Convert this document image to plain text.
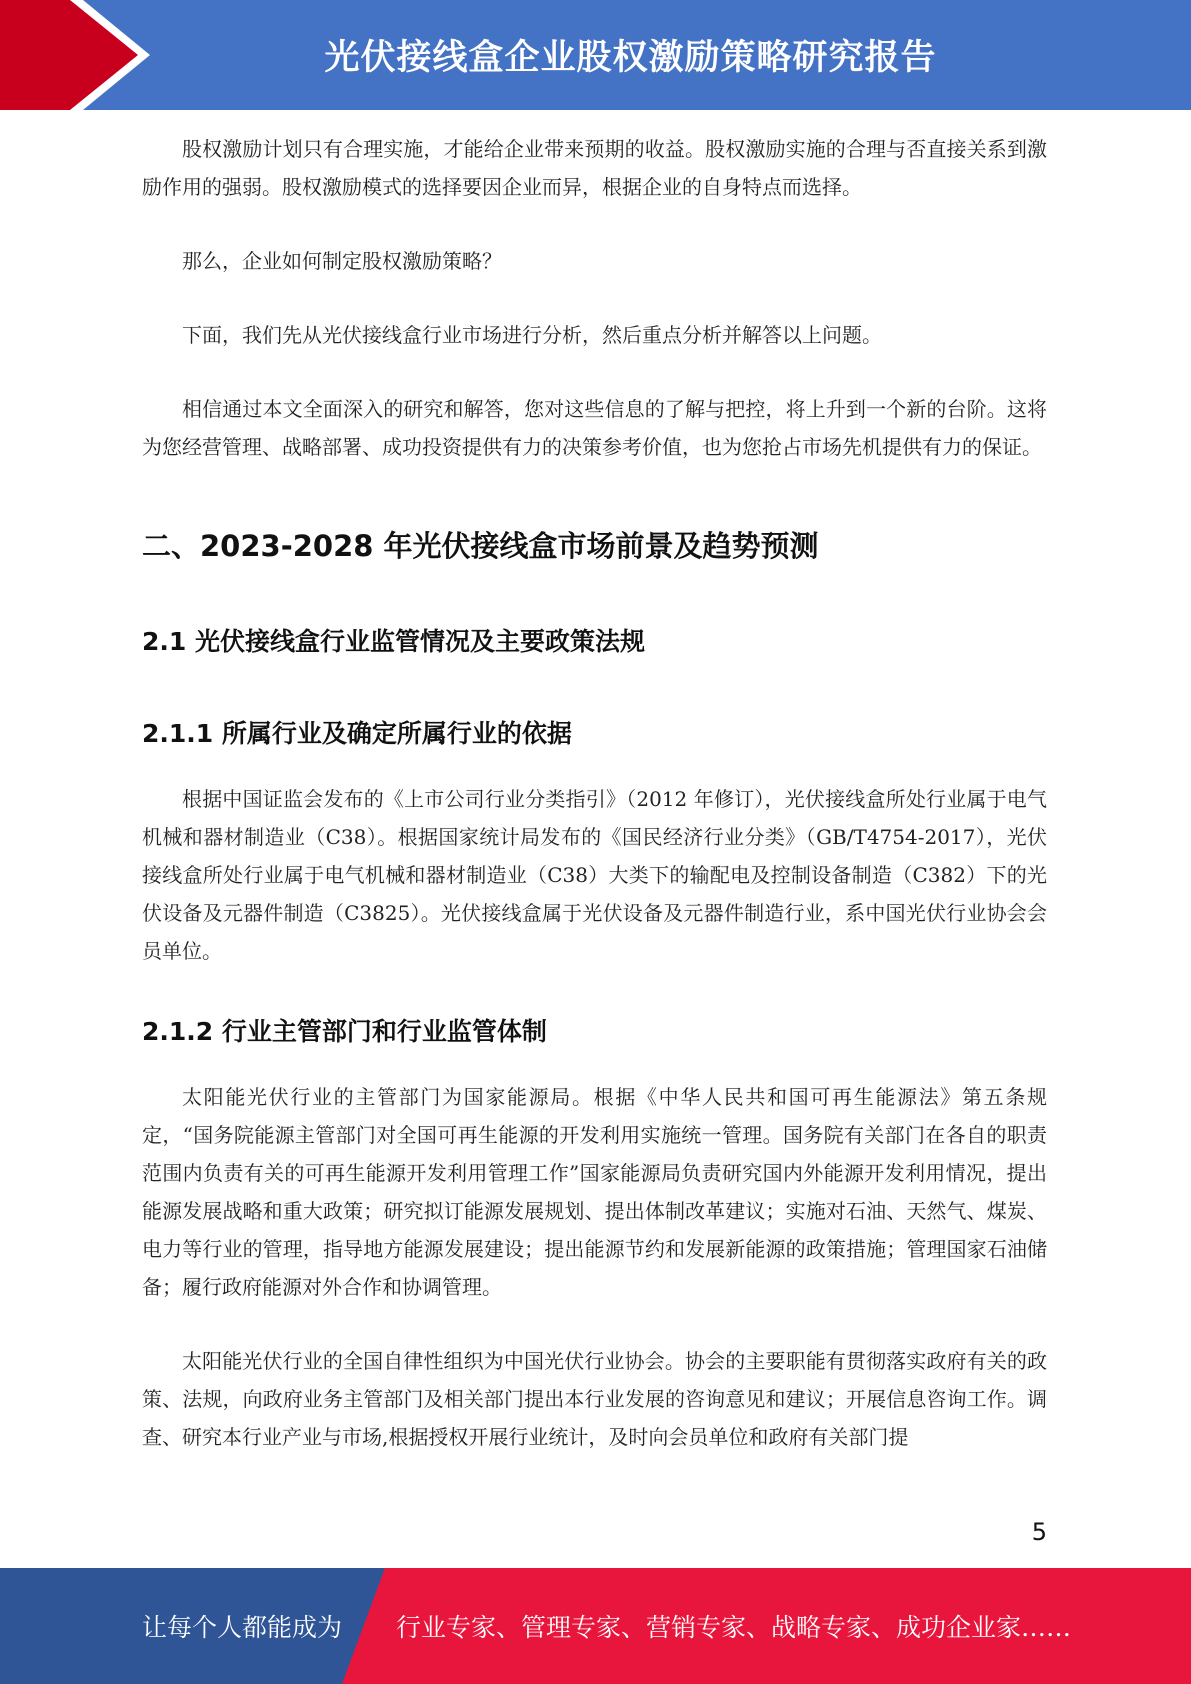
光伏接线盒企业股权激励策略研究报告

股权激励计划只有合理实施，才能给企业带来预期的收益。股权激励实施的合理与否直接关系到激励作用的强弱。股权激励模式的选择要因企业而异，根据企业的自身特点而选择。

那么，企业如何制定股权激励策略？

下面，我们先从光伏接线盒行业市场进行分析，然后重点分析并解答以上问题。

相信通过本文全面深入的研究和解答，您对这些信息的了解与把控，将上升到一个新的台阶。这将为您经营管理、战略部署、成功投资提供有力的决策参考价值，也为您抢占市场先机提供有力的保证。

二、2023-2028 年光伏接线盒市场前景及趋势预测
2.1 光伏接线盒行业监管情况及主要政策法规
2.1.1 所属行业及确定所属行业的依据

根据中国证监会发布的《上市公司行业分类指引》（2012 年修订），光伏接线盒所处行业属于电气机械和器材制造业（C38）。根据国家统计局发布的《国民经济行业分类》（GB/T4754-2017），光伏接线盒所处行业属于电气机械和器材制造业（C38）大类下的输配电及控制设备制造（C382）下的光伏设备及元器件制造（C3825）。光伏接线盒属于光伏设备及元器件制造行业，系中国光伏行业协会会员单位。

2.1.2 行业主管部门和行业监管体制

太阳能光伏行业的主管部门为国家能源局。根据《中华人民共和国可再生能源法》第五条规定，“国务院能源主管部门对全国可再生能源的开发利用实施统一管理。国务院有关部门在各自的职责范围内负责有关的可再生能源开发利用管理工作”国家能源局负责研究国内外能源开发利用情况，提出能源发展战略和重大政策；研究拟订能源发展规划、提出体制改革建议；实施对石油、天然气、煤炭、电力等行业的管理，指导地方能源发展建设；提出能源节约和发展新能源的政策措施；管理国家石油储备；履行政府能源对外合作和协调管理。

太阳能光伏行业的全国自律性组织为中国光伏行业协会。协会的主要职能有贯彻落实政府有关的政策、法规，向政府业务主管部门及相关部门提出本行业发展的咨询意见和建议；开展信息咨询工作。调查、研究本行业产业与市场,根据授权开展行业统计，及时向会员单位和政府有关部门提

5
让每个人都能成为 行业专家、管理专家、营销专家、战略专家、成功企业家……
